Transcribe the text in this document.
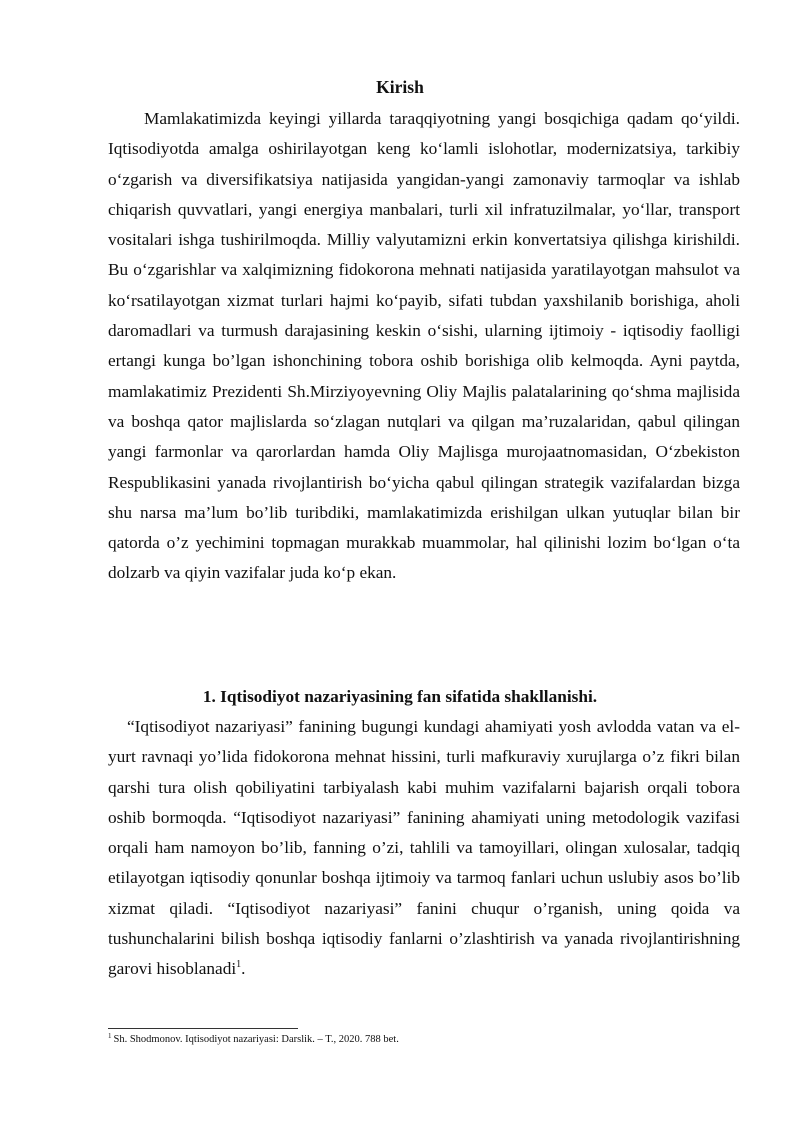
Kirish

Mamlakatimizda keyingi yillarda taraqqiyotning yangi bosqichiga qadam qo‘yildi. Iqtisodiyotda amalga oshirilayotgan keng ko‘lamli islohotlar, modernizatsiya, tarkibiy o‘zgarish va diversifikatsiya natijasida yangidan-yangi zamonaviy tarmoqlar va ishlab chiqarish quvvatlari, yangi energiya manbalari, turli xil infratuzilmalar, yo‘llar, transport vositalari ishga tushirilmoqda. Milliy valyutamizni erkin konvertatsiya qilishga kirishildi. Bu o‘zgarishlar va xalqimizning fidokorona mehnati natijasida yaratilayotgan mahsulot va ko‘rsatilayotgan xizmat turlari hajmi ko‘payib, sifati tubdan yaxshilanib borishiga, aholi daromadlari va turmush darajasining keskin o‘sishi, ularning ijtimoiy - iqtisodiy faolligi ertangi kunga bo’lgan ishonchining tobora oshib borishiga olib kelmoqda. Ayni paytda, mamlakatimiz Prezidenti Sh.Mirziyoyevning Oliy Majlis palatalarining qo‘shma majlisida va boshqa qator majlislarda so‘zlagan nutqlari va qilgan ma’ruzalaridan, qabul qilingan yangi farmonlar va qarorlardan hamda Oliy Majlisga murojaatnomasidan, O‘zbekiston Respublikasini yanada rivojlantirish bo‘yicha qabul qilingan strategik vazifalardan bizga shu narsa ma’lum bo’lib turibdiki, mamlakatimizda erishilgan ulkan yutuqlar bilan bir qatorda o’z yechimini topmagan murakkab muammolar, hal qilinishi lozim bo‘lgan o‘ta dolzarb va qiyin vazifalar juda ko‘p ekan.

1. Iqtisodiyot nazariyasining fan sifatida shakllanishi.

“Iqtisodiyot nazariyasi” fanining bugungi kundagi ahamiyati yosh avlodda vatan va el-yurt ravnaqi yo’lida fidokorona mehnat hissini, turli mafkuraviy xurujlarga o’z fikri bilan qarshi tura olish qobiliyatini tarbiyalash kabi muhim vazifalarni bajarish orqali tobora oshib bormoqda. “Iqtisodiyot nazariyasi” fanining ahamiyati uning metodologik vazifasi orqali ham namoyon bo’lib, fanning o’zi, tahlili va tamoyillari, olingan xulosalar, tadqiq etilayotgan iqtisodiy qonunlar boshqa ijtimoiy va tarmoq fanlari uchun uslubiy asos bo’lib xizmat qiladi. “Iqtisodiyot nazariyasi” fanini chuqur o’rganish, uning qoida va tushunchalarini bilish boshqa iqtisodiy fanlarni o’zlashtirish va yanada rivojlantirishning garovi hisoblanadi$^1$.

$^1$ Sh. Shodmonov. Iqtisodiyot nazariyasi: Darslik. – T., 2020. 788 bet.
